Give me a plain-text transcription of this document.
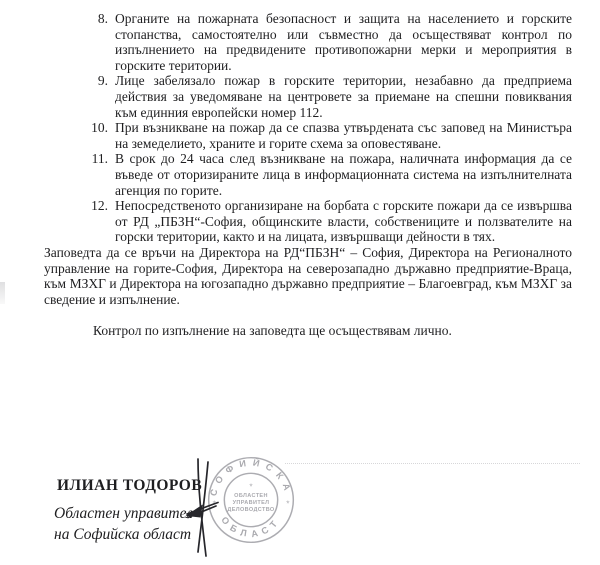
8. Органите на пожарната безопасност и защита на населението и горските стопанства, самостоятелно или съвместно да осъществяват контрол по изпълнението на предвидените противопожарни мерки и мероприятия в горските територии.
9. Лице забелязало пожар в горските територии, незабавно да предприема действия за уведомяване на центровете за приемане на спешни повиквания към единния европейски номер 112.
10. При възникване на пожар да се спазва утвърдената със заповед на Министъра на земеделието, храните и горите схема за оповестяване.
11. В срок до 24 часа след възникване на пожара, наличната информация да се въведе от оторизираните лица в информационната система на изпълнителната агенция по горите.
12. Непосредственото организиране на борбата с горските пожари да се извършва от РД „ПБЗН“-София, общинските власти, собствениците и ползвателите на горски територии, както и на лицата, извършващи дейности в тях.

Заповедта да се връчи на Директора на РД“ПБЗН“ – София, Директора на Регионалното управление на горите-София, Директора на северозападно държавно предприятие-Враца, към МЗХГ и Директора на югозападно държавно предприятие – Благоевград, към МЗХГ за сведение и изпълнение.

Контрол по изпълнение на заповедта ще осъществявам лично.

ИЛИАН ТОДОРОВ
Областен управител
на Софийска област
СОФИЙСКА
ОБЛАСТ
*	*
*
ОБЛАСТЕН
УПРАВИТЕЛ
ДЕЛОВОДСТВО
